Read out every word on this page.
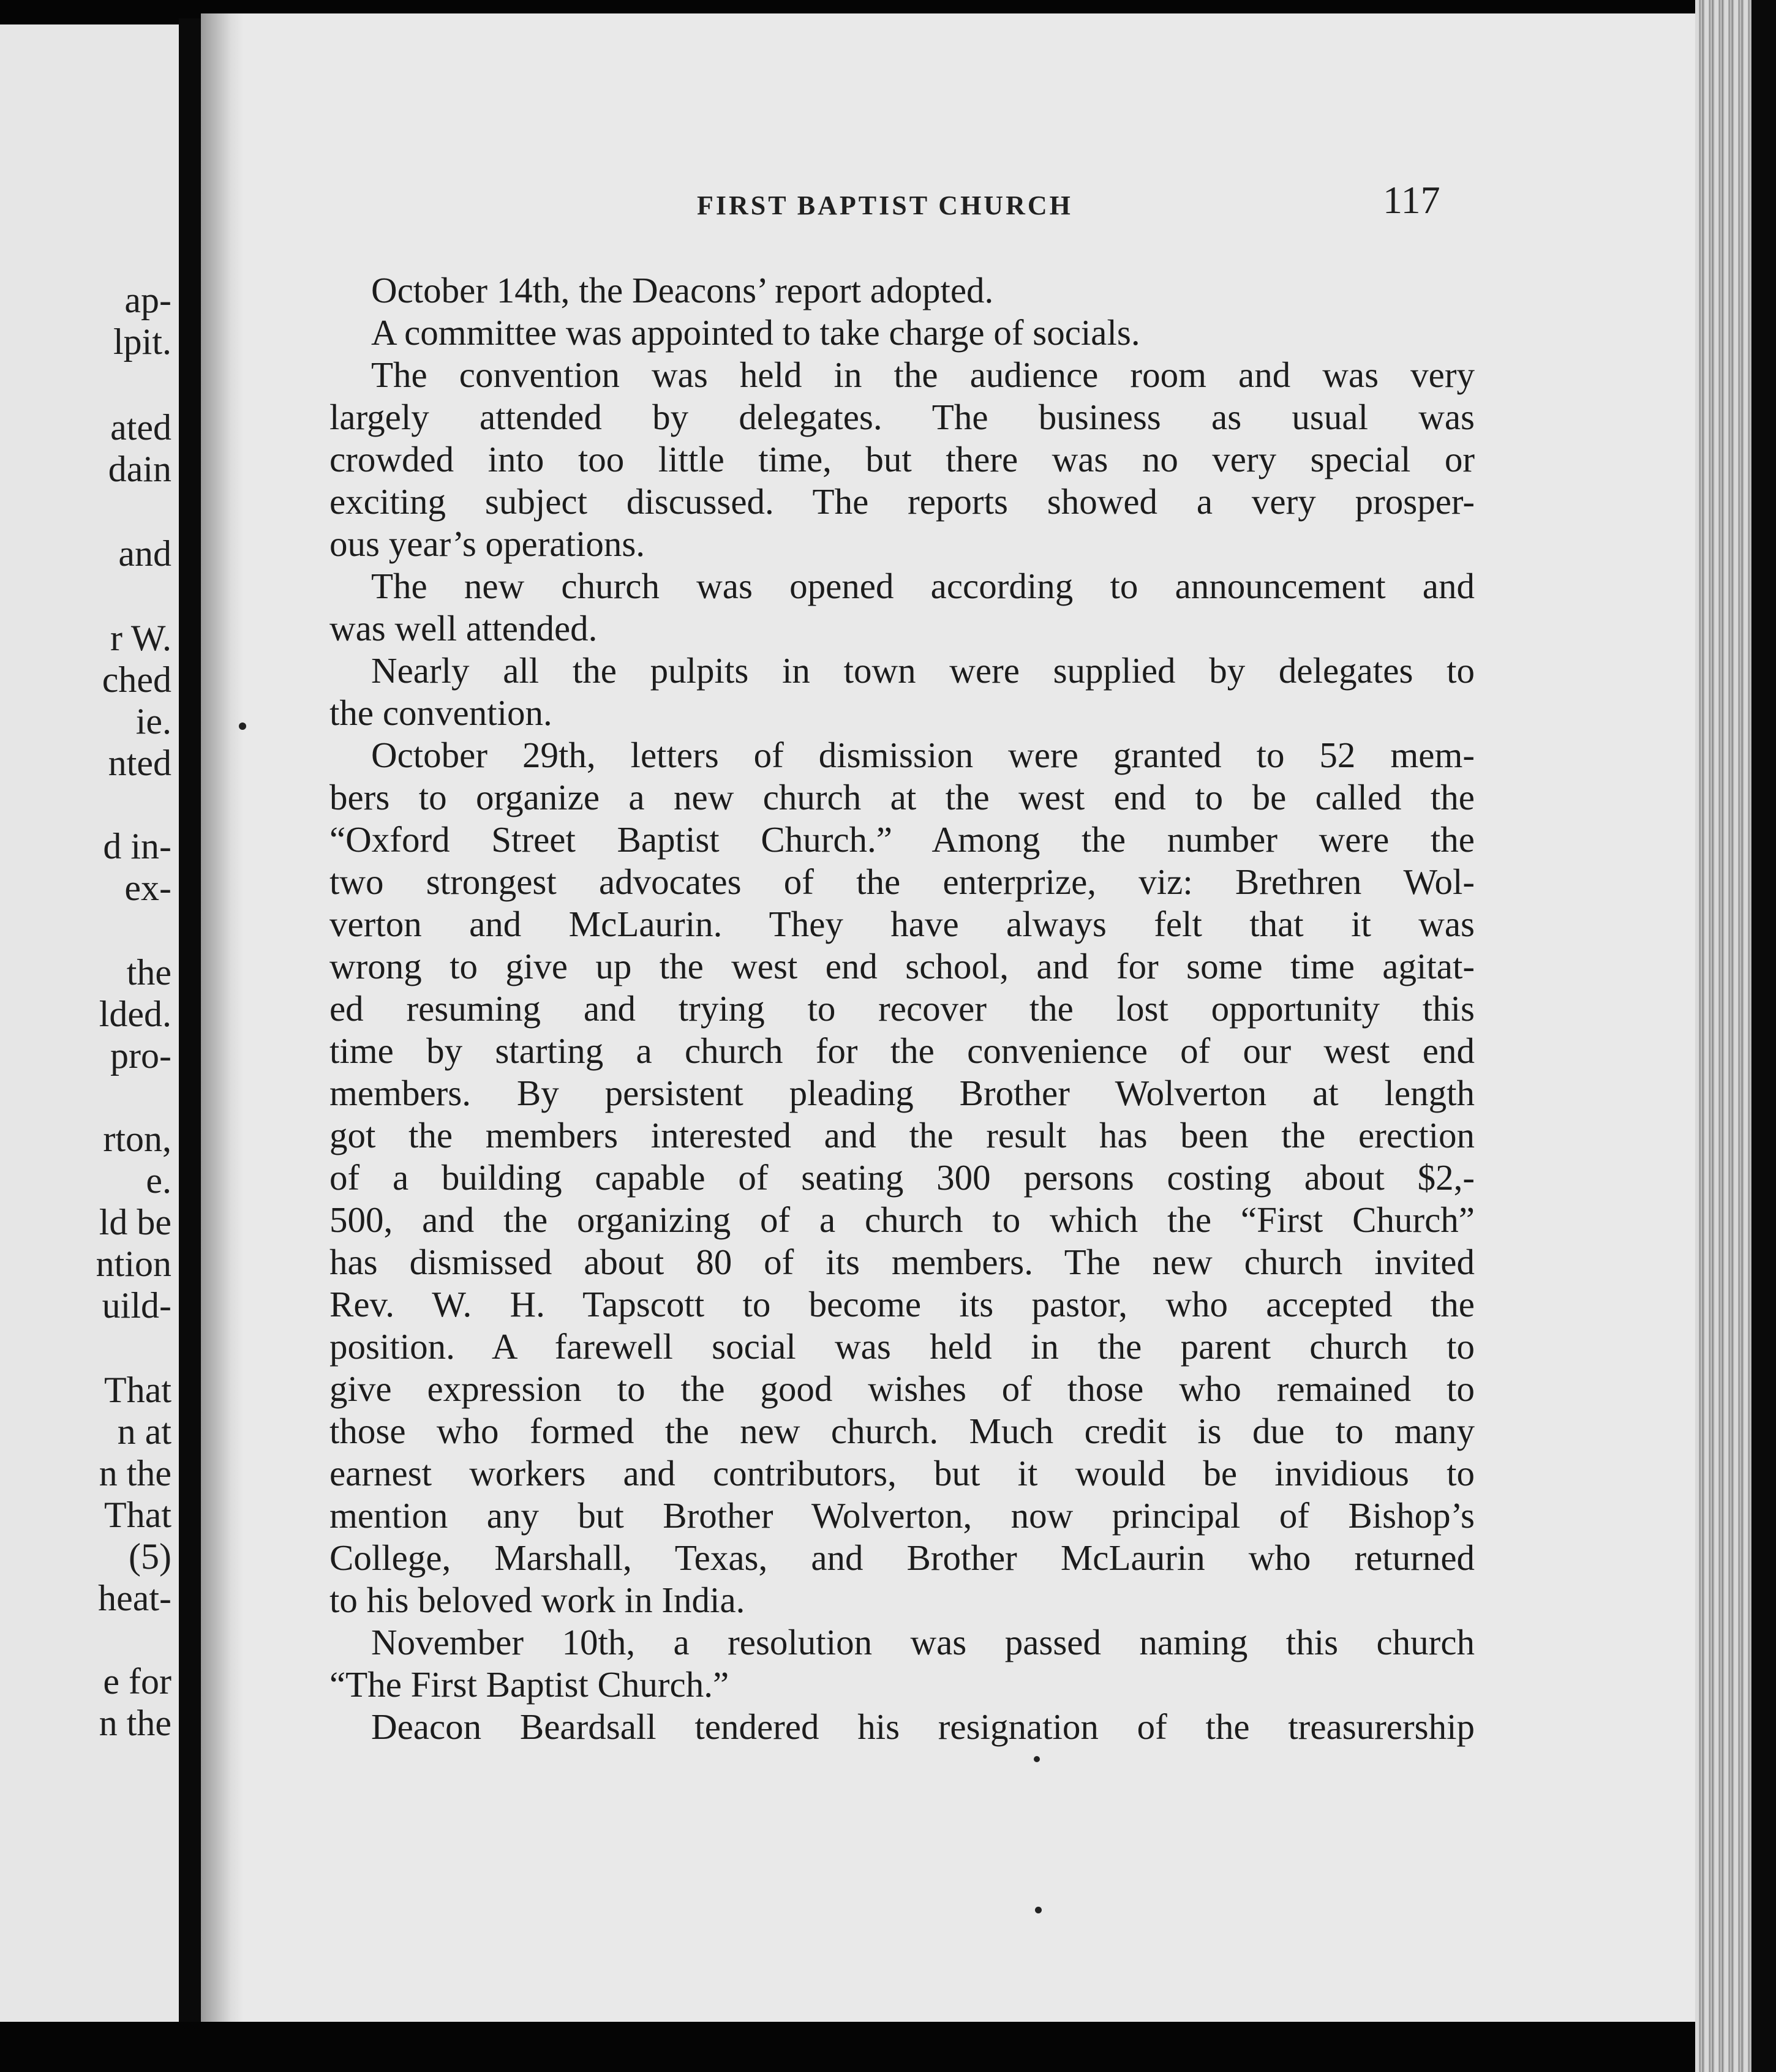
ap-
lpit.
ated
dain
and
r W.
ched
ie.
nted
d in-
ex-
the
lded.
pro-
rton,
e.
ld be
ntion
uild-
That
n at
n the
That
(5)
heat-
e for
n the
FIRST BAPTIST CHURCH	117
October 14th, the Deacons’ report adopted.
A committee was appointed to take charge of socials.
The convention was held in the audience room and was very
largely attended by delegates. The business as usual was
crowded into too little time, but there was no very special or
exciting subject discussed. The reports showed a very prosper-
ous year’s operations.
The new church was opened according to announcement and
was well attended.
Nearly all the pulpits in town were supplied by delegates to
the convention.
October 29th, letters of dismission were granted to 52 mem-
bers to organize a new church at the west end to be called the
“Oxford Street Baptist Church.” Among the number were the
two strongest advocates of the enterprize, viz: Brethren Wol-
verton and McLaurin. They have always felt that it was
wrong to give up the west end school, and for some time agitat-
ed resuming and trying to recover the lost opportunity this
time by starting a church for the convenience of our west end
members. By persistent pleading Brother Wolverton at length
got the members interested and the result has been the erection
of a building capable of seating 300 persons costing about $2,-
500, and the organizing of a church to which the “First Church”
has dismissed about 80 of its members. The new church invited
Rev. W. H. Tapscott to become its pastor, who accepted the
position. A farewell social was held in the parent church to
give expression to the good wishes of those who remained to
those who formed the new church. Much credit is due to many
earnest workers and contributors, but it would be invidious to
mention any but Brother Wolverton, now principal of Bishop’s
College, Marshall, Texas, and Brother McLaurin who returned
to his beloved work in India.
November 10th, a resolution was passed naming this church
“The First Baptist Church.”
Deacon Beardsall tendered his resignation of the treasurership
